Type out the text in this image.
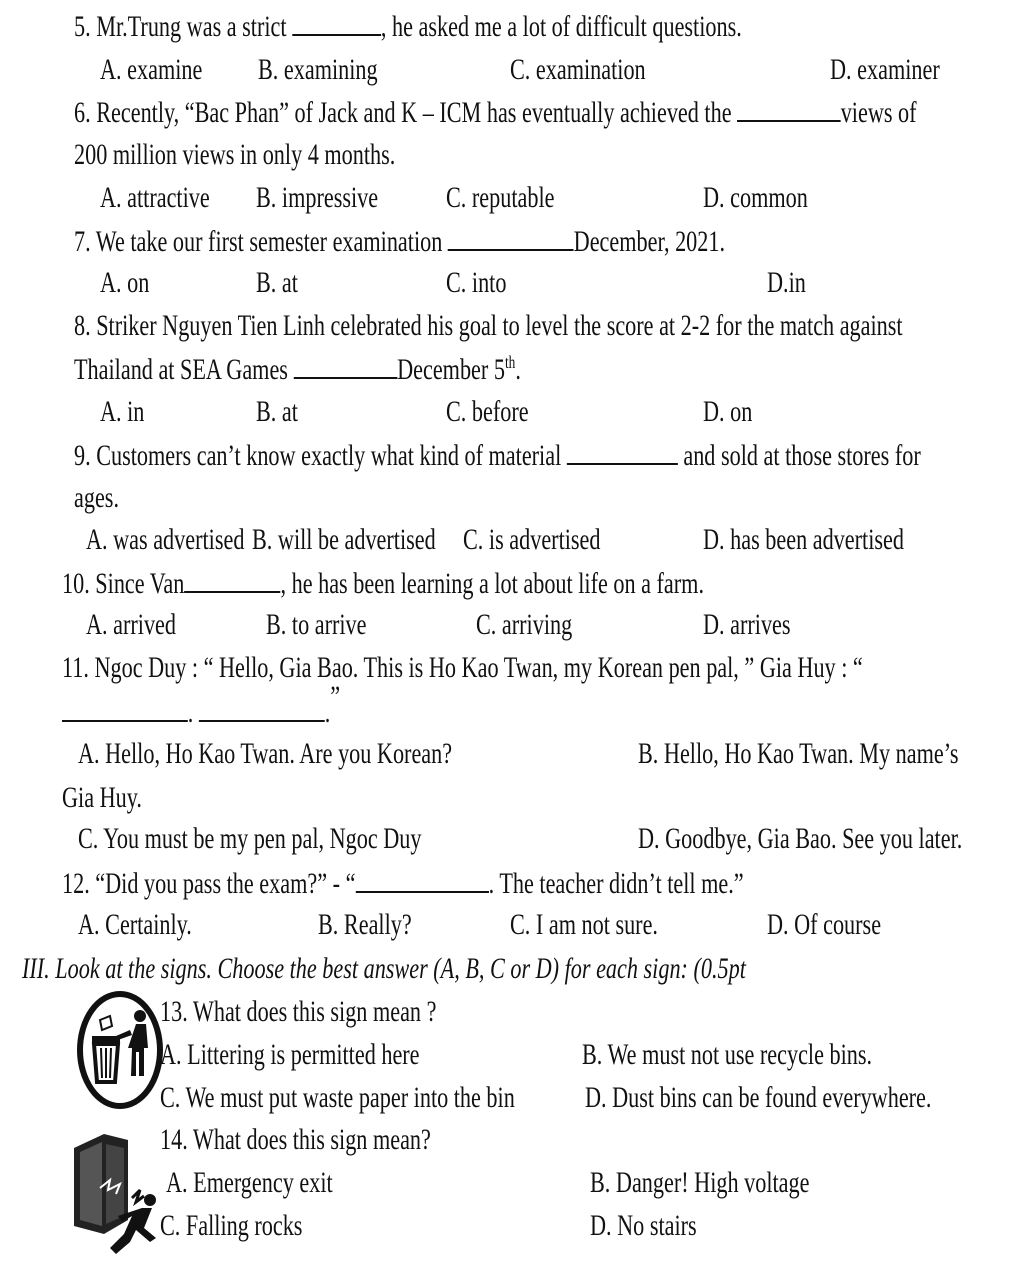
5. Mr.Trung was a strict	, he asked me a lot of difficult questions.
A. examine B. examining	C. examination	D. examiner
6. Recently, “Bac Phan” of Jack and K – ICM has eventually achieved the	views of
200 million views in only 4 months.
A. attractive B. impressive C. reputable	D. common
7. We take our first semester examination	December, 2021.
A. on	B. at	C. into	D.in
8. Striker Nguyen Tien Linh celebrated his goal to level the score at 2-2 for the match against
Thailand at SEA Games	December 5th.
A. in	B. at	C. before	D. on
9. Customers can’t know exactly what kind of material	and sold at those stores for
ages.
A. was advertised B. will be advertised C. is advertised	D. has been advertised
10. Since Van	, he has been learning a lot about life on a farm.
A. arrived	B. to arrive	C. arriving	D. arrives
11. Ngoc Duy : “ Hello, Gia Bao. This is Ho Kao Twan, my Korean pen pal, ” Gia Huy : “
.	.”
A. Hello, Ho Kao Twan. Are you Korean?	B. Hello, Ho Kao Twan. My name’s
Gia Huy.
C. You must be my pen pal, Ngoc Duy	D. Goodbye, Gia Bao. See you later.
12. “Did you pass the exam?” - “	. The teacher didn’t tell me.”
A. Certainly.	B. Really?	C. I am not sure.	D. Of course
III. Look at the signs. Choose the best answer (A, B, C or D) for each sign: (0.5pt
13. What does this sign mean ?
A. Littering is permitted here	B. We must not use recycle bins.
C. We must put waste paper into the bin D. Dust bins can be found everywhere.
14. What does this sign mean?
A. Emergency exit	B. Danger! High voltage
C. Falling rocks	D. No stairs
